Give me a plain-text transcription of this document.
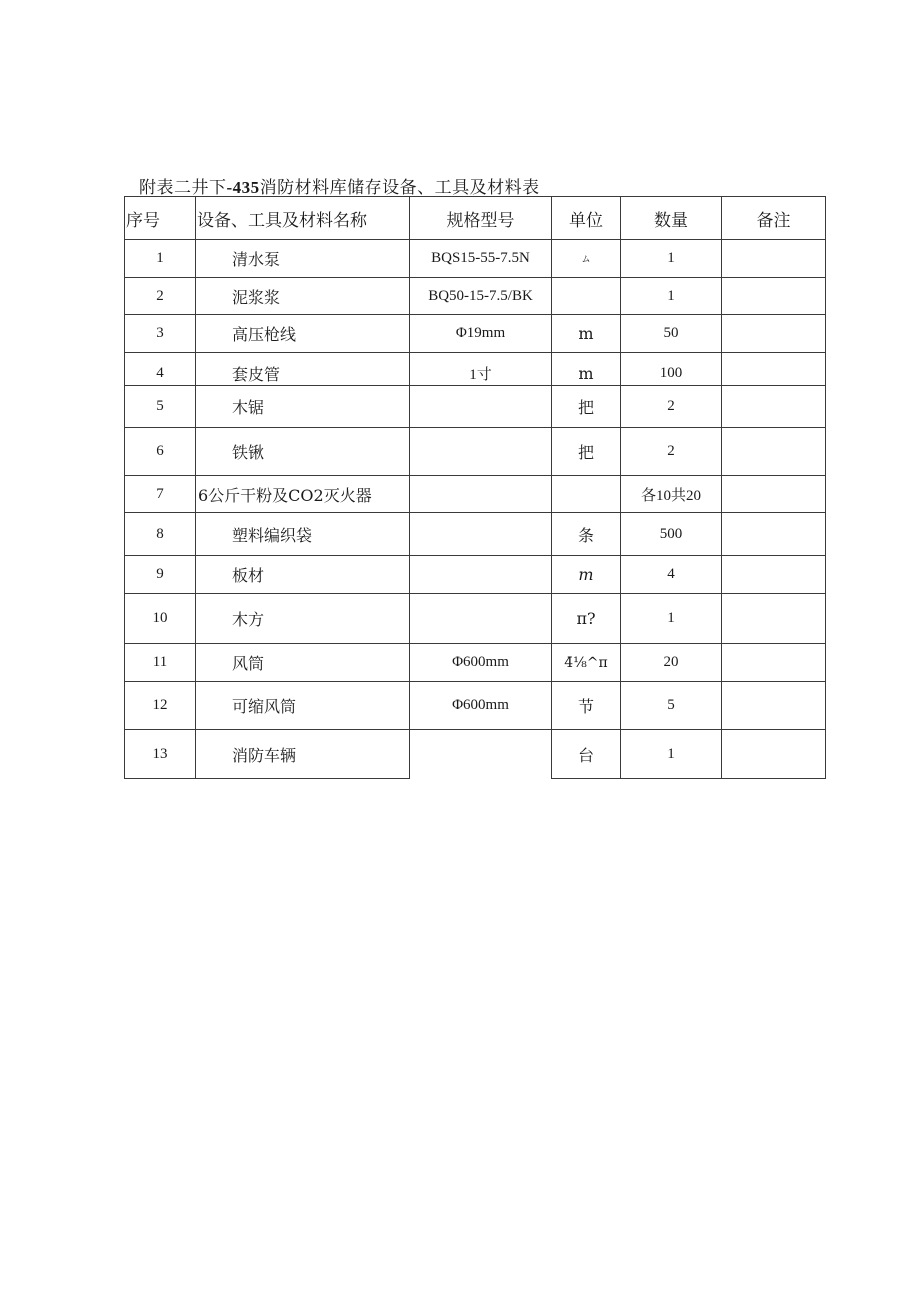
附表二井下-435消防材料库储存设备、工具及材料表
序号	设备、工具及材料名称	规格型号	单位	数量	备注
1	清水泵	BQS15-55-7.5N	ム	1	
2	泥浆浆	BQ50-15-7.5/BK		1	
3	高压枪线	Φ19mm	m	50	
4	套皮管	1寸	m	100	
5	木锯		把	2	
6	铁锹		把	2	
7	6公斤干粉及CO2灭火器			各10共20	
8	塑料编织袋		条	500	
9	板材		m	4	
10	木方		π?	1	
11	风筒	Φ600mm	4̄⅛^π	20	
12	可缩风筒	Φ600mm	节	5	
13	消防车辆		台	1	
